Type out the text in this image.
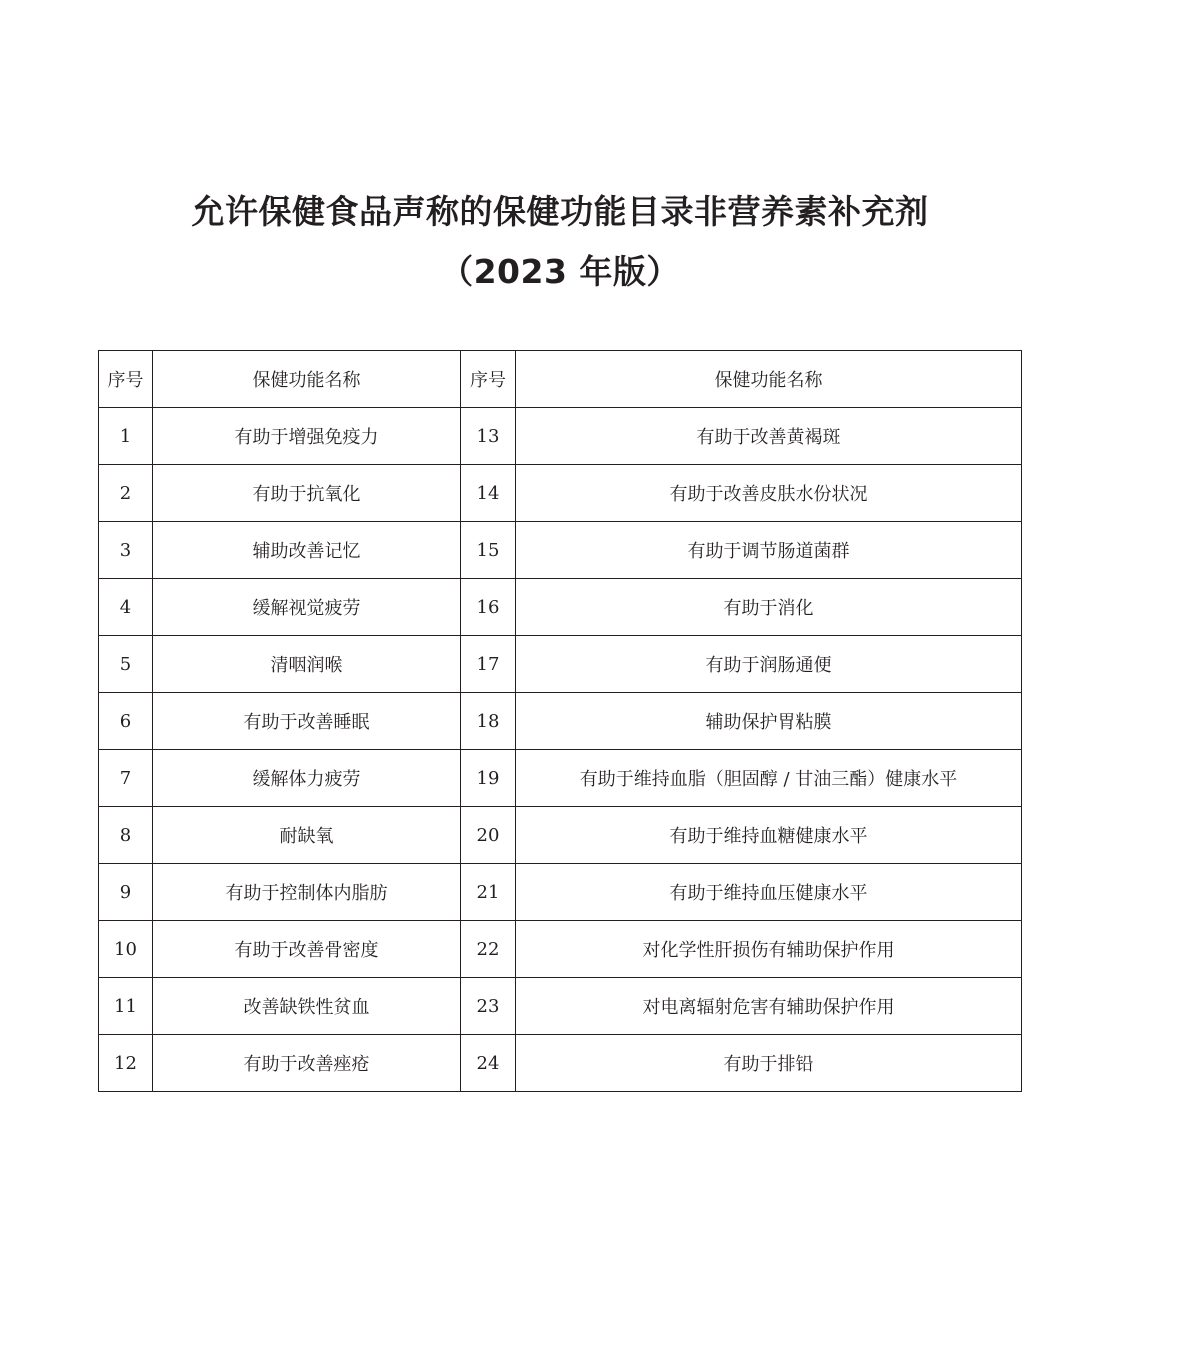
允许保健食品声称的保健功能目录非营养素补充剂
（2023 年版）
序号	保健功能名称	序号	保健功能名称
1	有助于增强免疫力	13	有助于改善黄褐斑
2	有助于抗氧化	14	有助于改善皮肤水份状况
3	辅助改善记忆	15	有助于调节肠道菌群
4	缓解视觉疲劳	16	有助于消化
5	清咽润喉	17	有助于润肠通便
6	有助于改善睡眠	18	辅助保护胃粘膜
7	缓解体力疲劳	19	有助于维持血脂（胆固醇 / 甘油三酯）健康水平
8	耐缺氧	20	有助于维持血糖健康水平
9	有助于控制体内脂肪	21	有助于维持血压健康水平
10	有助于改善骨密度	22	对化学性肝损伤有辅助保护作用
11	改善缺铁性贫血	23	对电离辐射危害有辅助保护作用
12	有助于改善痤疮	24	有助于排铅
